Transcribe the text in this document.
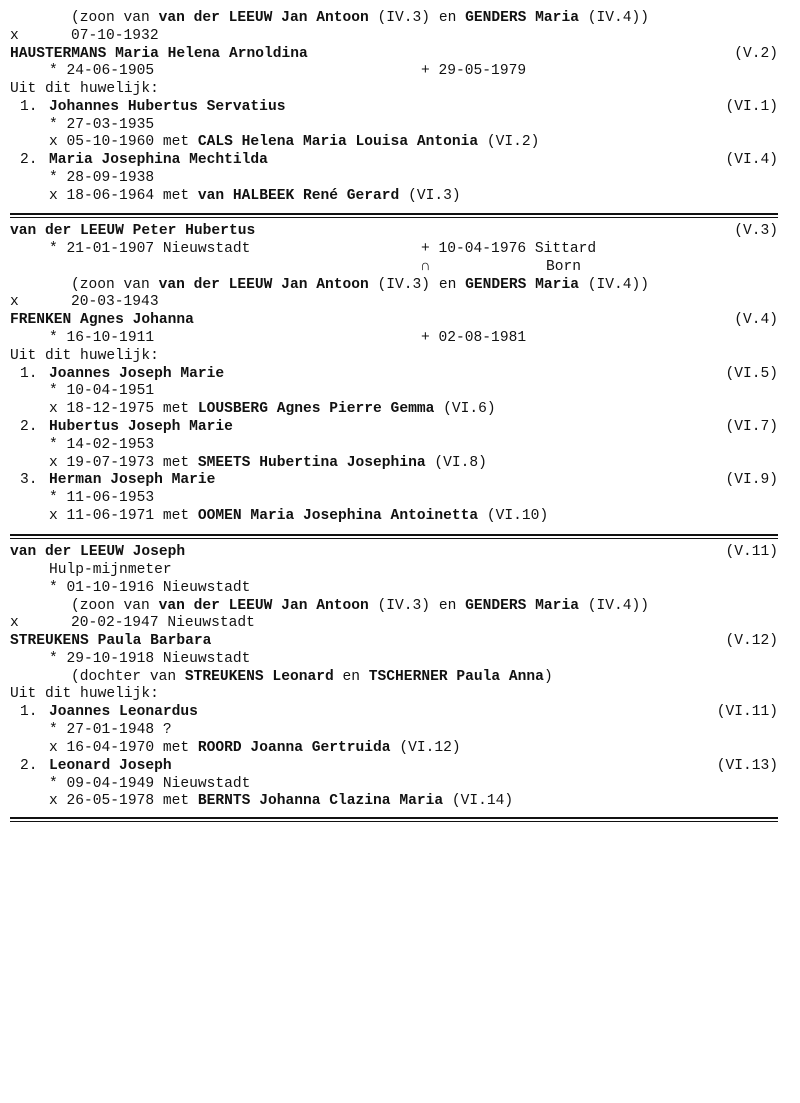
(zoon van van der LEEUW Jan Antoon (IV.3) en GENDERS Maria (IV.4))
x	07-10-1932
HAUSTERMANS Maria Helena Arnoldina	(V.2)
* 24-06-1905	+ 29-05-1979
Uit dit huwelijk:
1. Johannes Hubertus Servatius	(VI.1)
* 27-03-1935
x 05-10-1960 met CALS Helena Maria Louisa Antonia (VI.2)
2. Maria Josephina Mechtilda	(VI.4)
* 28-09-1938
x 18-06-1964 met van HALBEEK René Gerard (VI.3)
van der LEEUW Peter Hubertus	(V.3)
* 21-01-1907 Nieuwstadt	+ 10-04-1976 Sittard
∩	Born
(zoon van van der LEEUW Jan Antoon (IV.3) en GENDERS Maria (IV.4))
x	20-03-1943
FRENKEN Agnes Johanna	(V.4)
* 16-10-1911	+ 02-08-1981
Uit dit huwelijk:
1. Joannes Joseph Marie	(VI.5)
* 10-04-1951
x 18-12-1975 met LOUSBERG Agnes Pierre Gemma (VI.6)
2. Hubertus Joseph Marie	(VI.7)
* 14-02-1953
x 19-07-1973 met SMEETS Hubertina Josephina (VI.8)
3. Herman Joseph Marie	(VI.9)
* 11-06-1953
x 11-06-1971 met OOMEN Maria Josephina Antoinetta (VI.10)
van der LEEUW Joseph	(V.11)
Hulp-mijnmeter
* 01-10-1916 Nieuwstadt
(zoon van van der LEEUW Jan Antoon (IV.3) en GENDERS Maria (IV.4))
x	20-02-1947 Nieuwstadt
STREUKENS Paula Barbara	(V.12)
* 29-10-1918 Nieuwstadt
(dochter van STREUKENS Leonard en TSCHERNER Paula Anna)
Uit dit huwelijk:
1. Joannes Leonardus	(VI.11)
* 27-01-1948 ?
x 16-04-1970 met ROORD Joanna Gertruida (VI.12)
2. Leonard Joseph	(VI.13)
* 09-04-1949 Nieuwstadt
x 26-05-1978 met BERNTS Johanna Clazina Maria (VI.14)
